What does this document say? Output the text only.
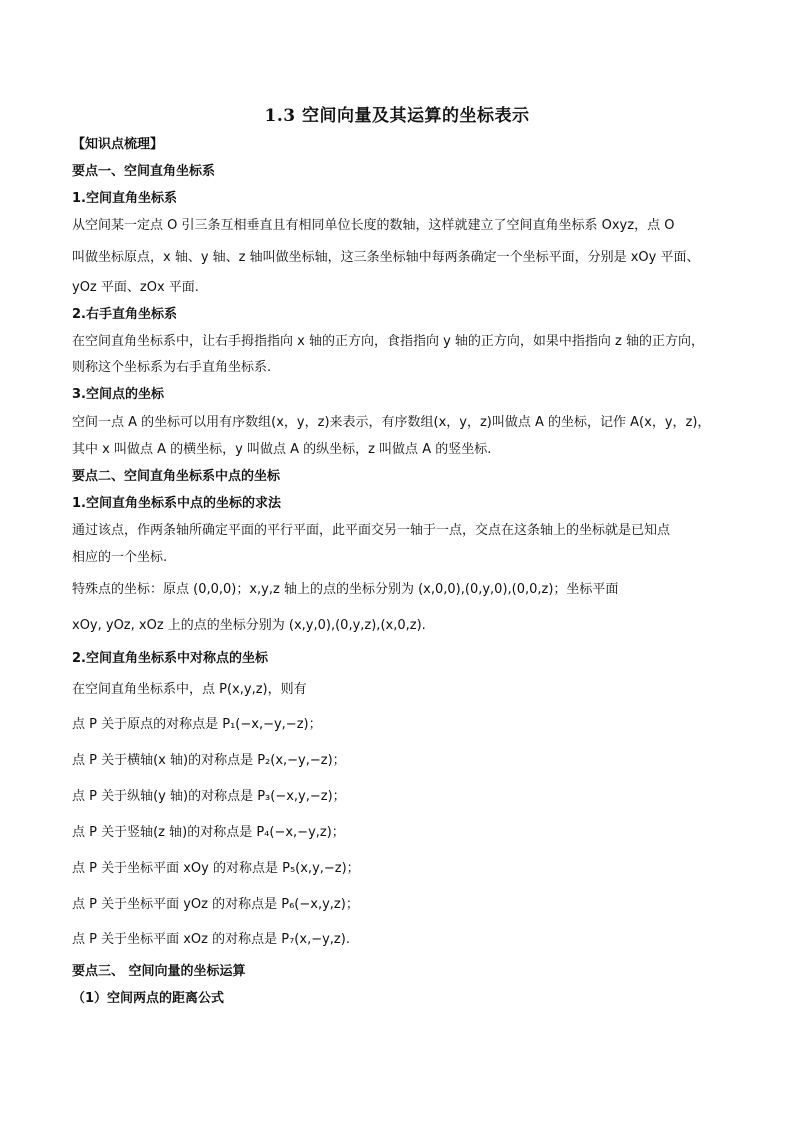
1.3 空间向量及其运算的坐标表示
【知识点梳理】
要点一、空间直角坐标系
1.空间直角坐标系
从空间某一定点 O 引三条互相垂直且有相同单位长度的数轴，这样就建立了空间直角坐标系 Oxyz，点 O
叫做坐标原点，x 轴、y 轴、z 轴叫做坐标轴，这三条坐标轴中每两条确定一个坐标平面，分别是 xOy 平面、
yOz 平面、zOx 平面.
2.右手直角坐标系
在空间直角坐标系中，让右手拇指指向 x 轴的正方向，食指指向 y 轴的正方向，如果中指指向 z 轴的正方向，
则称这个坐标系为右手直角坐标系.
3.空间点的坐标
空间一点 A 的坐标可以用有序数组(x，y，z)来表示，有序数组(x，y，z)叫做点 A 的坐标，记作 A(x，y，z)，
其中 x 叫做点 A 的横坐标，y 叫做点 A 的纵坐标，z 叫做点 A 的竖坐标.
要点二、空间直角坐标系中点的坐标
1.空间直角坐标系中点的坐标的求法
通过该点，作两条轴所确定平面的平行平面，此平面交另一轴于一点，交点在这条轴上的坐标就是已知点
相应的一个坐标.
特殊点的坐标：原点 (0,0,0)；x,y,z 轴上的点的坐标分别为 (x,0,0),(0,y,0),(0,0,z)；坐标平面
xOy, yOz, xOz 上的点的坐标分别为 (x,y,0),(0,y,z),(x,0,z).
2.空间直角坐标系中对称点的坐标
在空间直角坐标系中，点 P(x,y,z)，则有
点 P 关于原点的对称点是 P₁(−x,−y,−z)；
点 P 关于横轴(x 轴)的对称点是 P₂(x,−y,−z)；
点 P 关于纵轴(y 轴)的对称点是 P₃(−x,y,−z)；
点 P 关于竖轴(z 轴)的对称点是 P₄(−x,−y,z)；
点 P 关于坐标平面 xOy 的对称点是 P₅(x,y,−z)；
点 P 关于坐标平面 yOz 的对称点是 P₆(−x,y,z)；
点 P 关于坐标平面 xOz 的对称点是 P₇(x,−y,z).
要点三、 空间向量的坐标运算
（1）空间两点的距离公式
